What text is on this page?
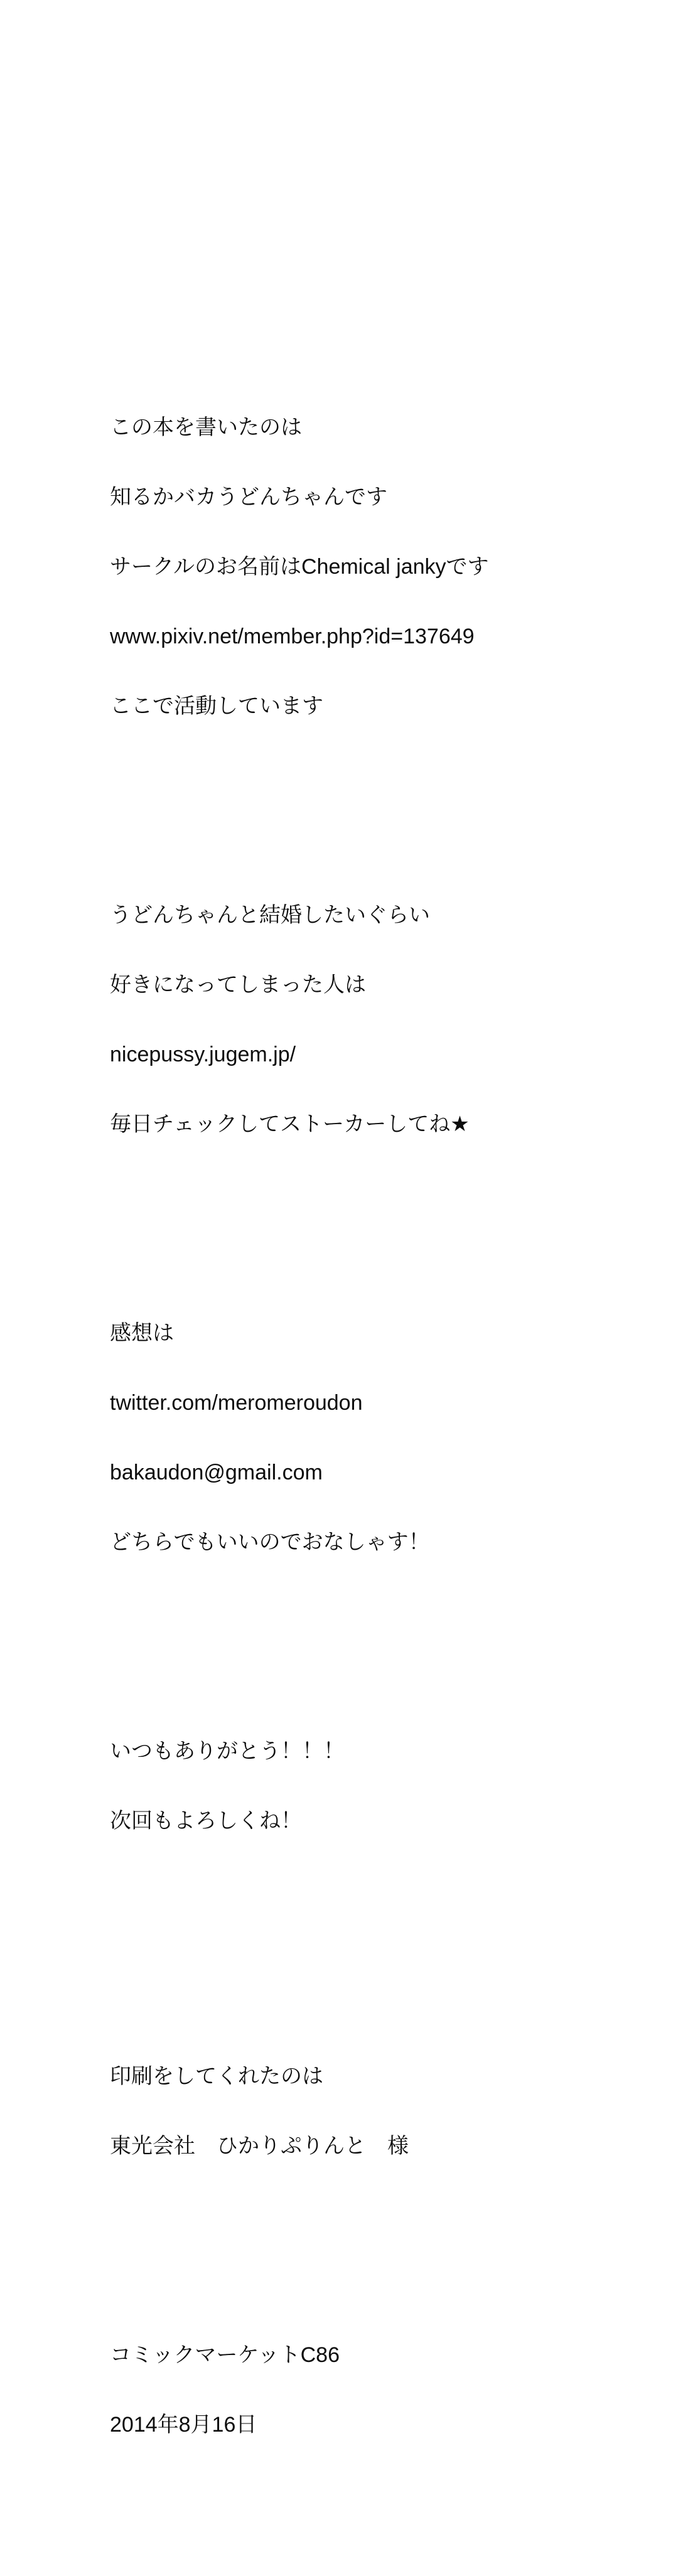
この本を書いたのは

知るかバカうどんちゃんです

サークルのお名前はChemical jankyです

www.pixiv.net/member.php?id=137649

ここで活動しています

うどんちゃんと結婚したいぐらい

好きになってしまった人は

nicepussy.jugem.jp/

毎日チェックしてストーカーしてね★

感想は

twitter.com/meromeroudon

bakaudon@gmail.com

どちらでもいいのでおなしゃす！

いつもありがとう！！！

次回もよろしくね！

印刷をしてくれたのは

東光会社　ひかりぷりんと　様

コミックマーケットC86

2014年8月16日
